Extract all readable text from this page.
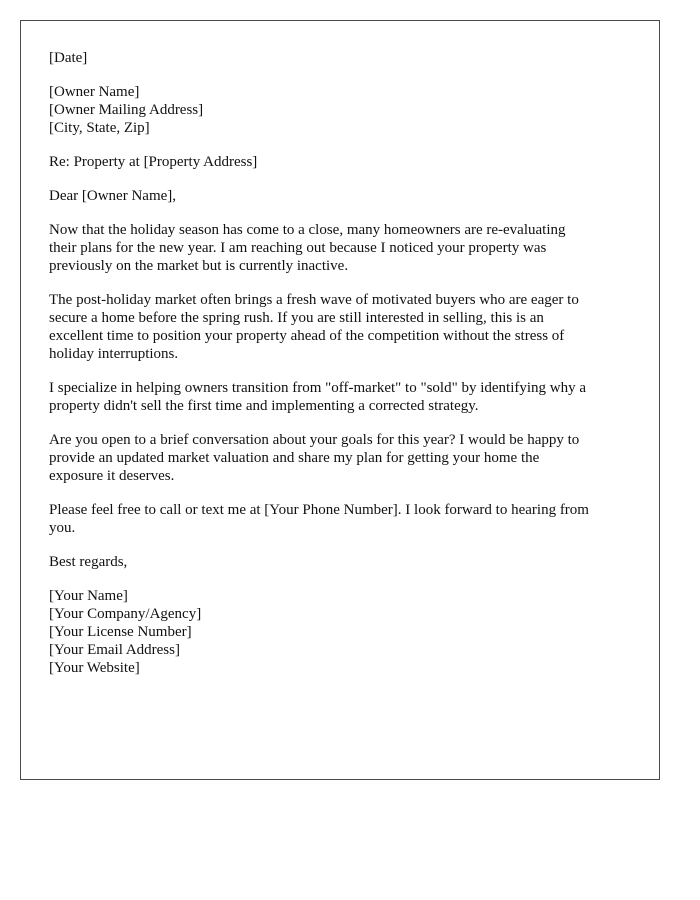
[Date]
[Owner Name]
[Owner Mailing Address]
[City, State, Zip]
Re: Property at [Property Address]
Dear [Owner Name],
Now that the holiday season has come to a close, many homeowners are re-evaluating
their plans for the new year. I am reaching out because I noticed your property was
previously on the market but is currently inactive.
The post-holiday market often brings a fresh wave of motivated buyers who are eager to
secure a home before the spring rush. If you are still interested in selling, this is an
excellent time to position your property ahead of the competition without the stress of
holiday interruptions.
I specialize in helping owners transition from "off-market" to "sold" by identifying why a
property didn't sell the first time and implementing a corrected strategy.
Are you open to a brief conversation about your goals for this year? I would be happy to
provide an updated market valuation and share my plan for getting your home the
exposure it deserves.
Please feel free to call or text me at [Your Phone Number]. I look forward to hearing from
you.
Best regards,
[Your Name]
[Your Company/Agency]
[Your License Number]
[Your Email Address]
[Your Website]
